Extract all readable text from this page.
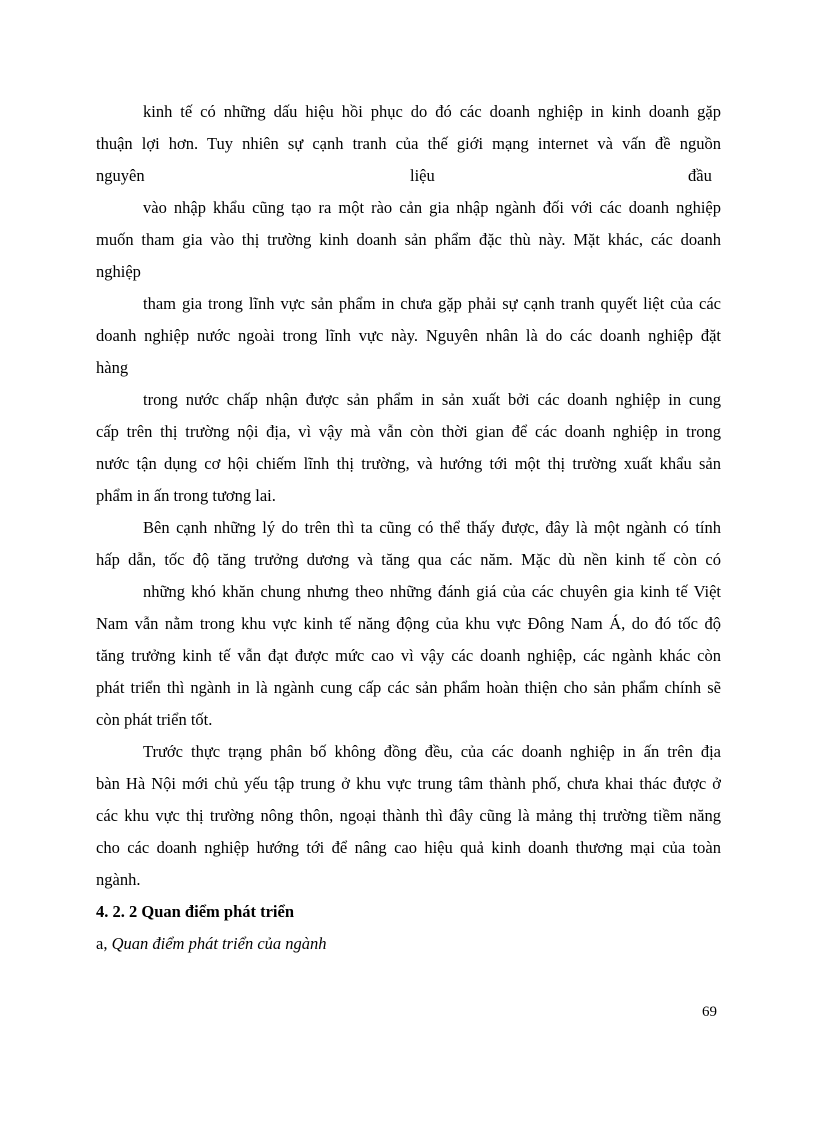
kinh tế có những dấu hiệu hồi phục do đó các doanh nghiệp in kinh doanh gặp
thuận lợi hơn. Tuy nhiên sự cạnh tranh của thế giới mạng internet và vấn đề nguồn
nguyên	liệu	đầu
vào nhập khẩu cũng tạo ra một rào cản gia nhập ngành đối với các doanh nghiệp
muốn tham gia vào thị trường kinh doanh sản phẩm đặc thù này. Mặt khác, các doanh
nghiệp
tham gia trong lĩnh vực sản phẩm in chưa gặp phải sự cạnh tranh quyết liệt của các
doanh nghiệp nước ngoài trong lĩnh vực này. Nguyên nhân là do các doanh nghiệp đặt
hàng
trong nước chấp nhận được sản phẩm in sản xuất bởi các doanh nghiệp in cung
cấp trên thị trường nội địa, vì vậy mà vẫn còn thời gian để các doanh nghiệp in trong
nước tận dụng cơ hội chiếm lĩnh thị trường, và hướng tới một thị trường xuất khẩu sản
phẩm in ấn trong tương lai.
Bên cạnh những lý do trên thì ta cũng có thể thấy được, đây là một ngành có tính
hấp dẫn, tốc độ tăng trưởng dương và tăng qua các năm. Mặc dù nền kinh tế còn có
những khó khăn chung nhưng theo những đánh giá của các chuyên gia kinh tế Việt
Nam vẫn nằm trong khu vực kinh tế năng động của khu vực Đông Nam Á, do đó tốc độ
tăng trưởng kinh tế vẫn đạt được mức cao vì vậy các doanh nghiệp, các ngành khác còn
phát triển thì ngành in là ngành cung cấp các sản phẩm hoàn thiện cho sản phẩm chính sẽ
còn phát triển tốt.
Trước thực trạng phân bố không đồng đều, của các doanh nghiệp in ấn trên địa
bàn Hà Nội mới chủ yếu tập trung ở khu vực trung tâm thành phố, chưa khai thác được ở
các khu vực thị trường nông thôn, ngoại thành thì đây cũng là mảng thị trường tiềm năng
cho các doanh nghiệp hướng tới để nâng cao hiệu quả kinh doanh thương mại của toàn
ngành.
4. 2. 2 Quan điểm phát triển
a, Quan điểm phát triển của ngành
69
